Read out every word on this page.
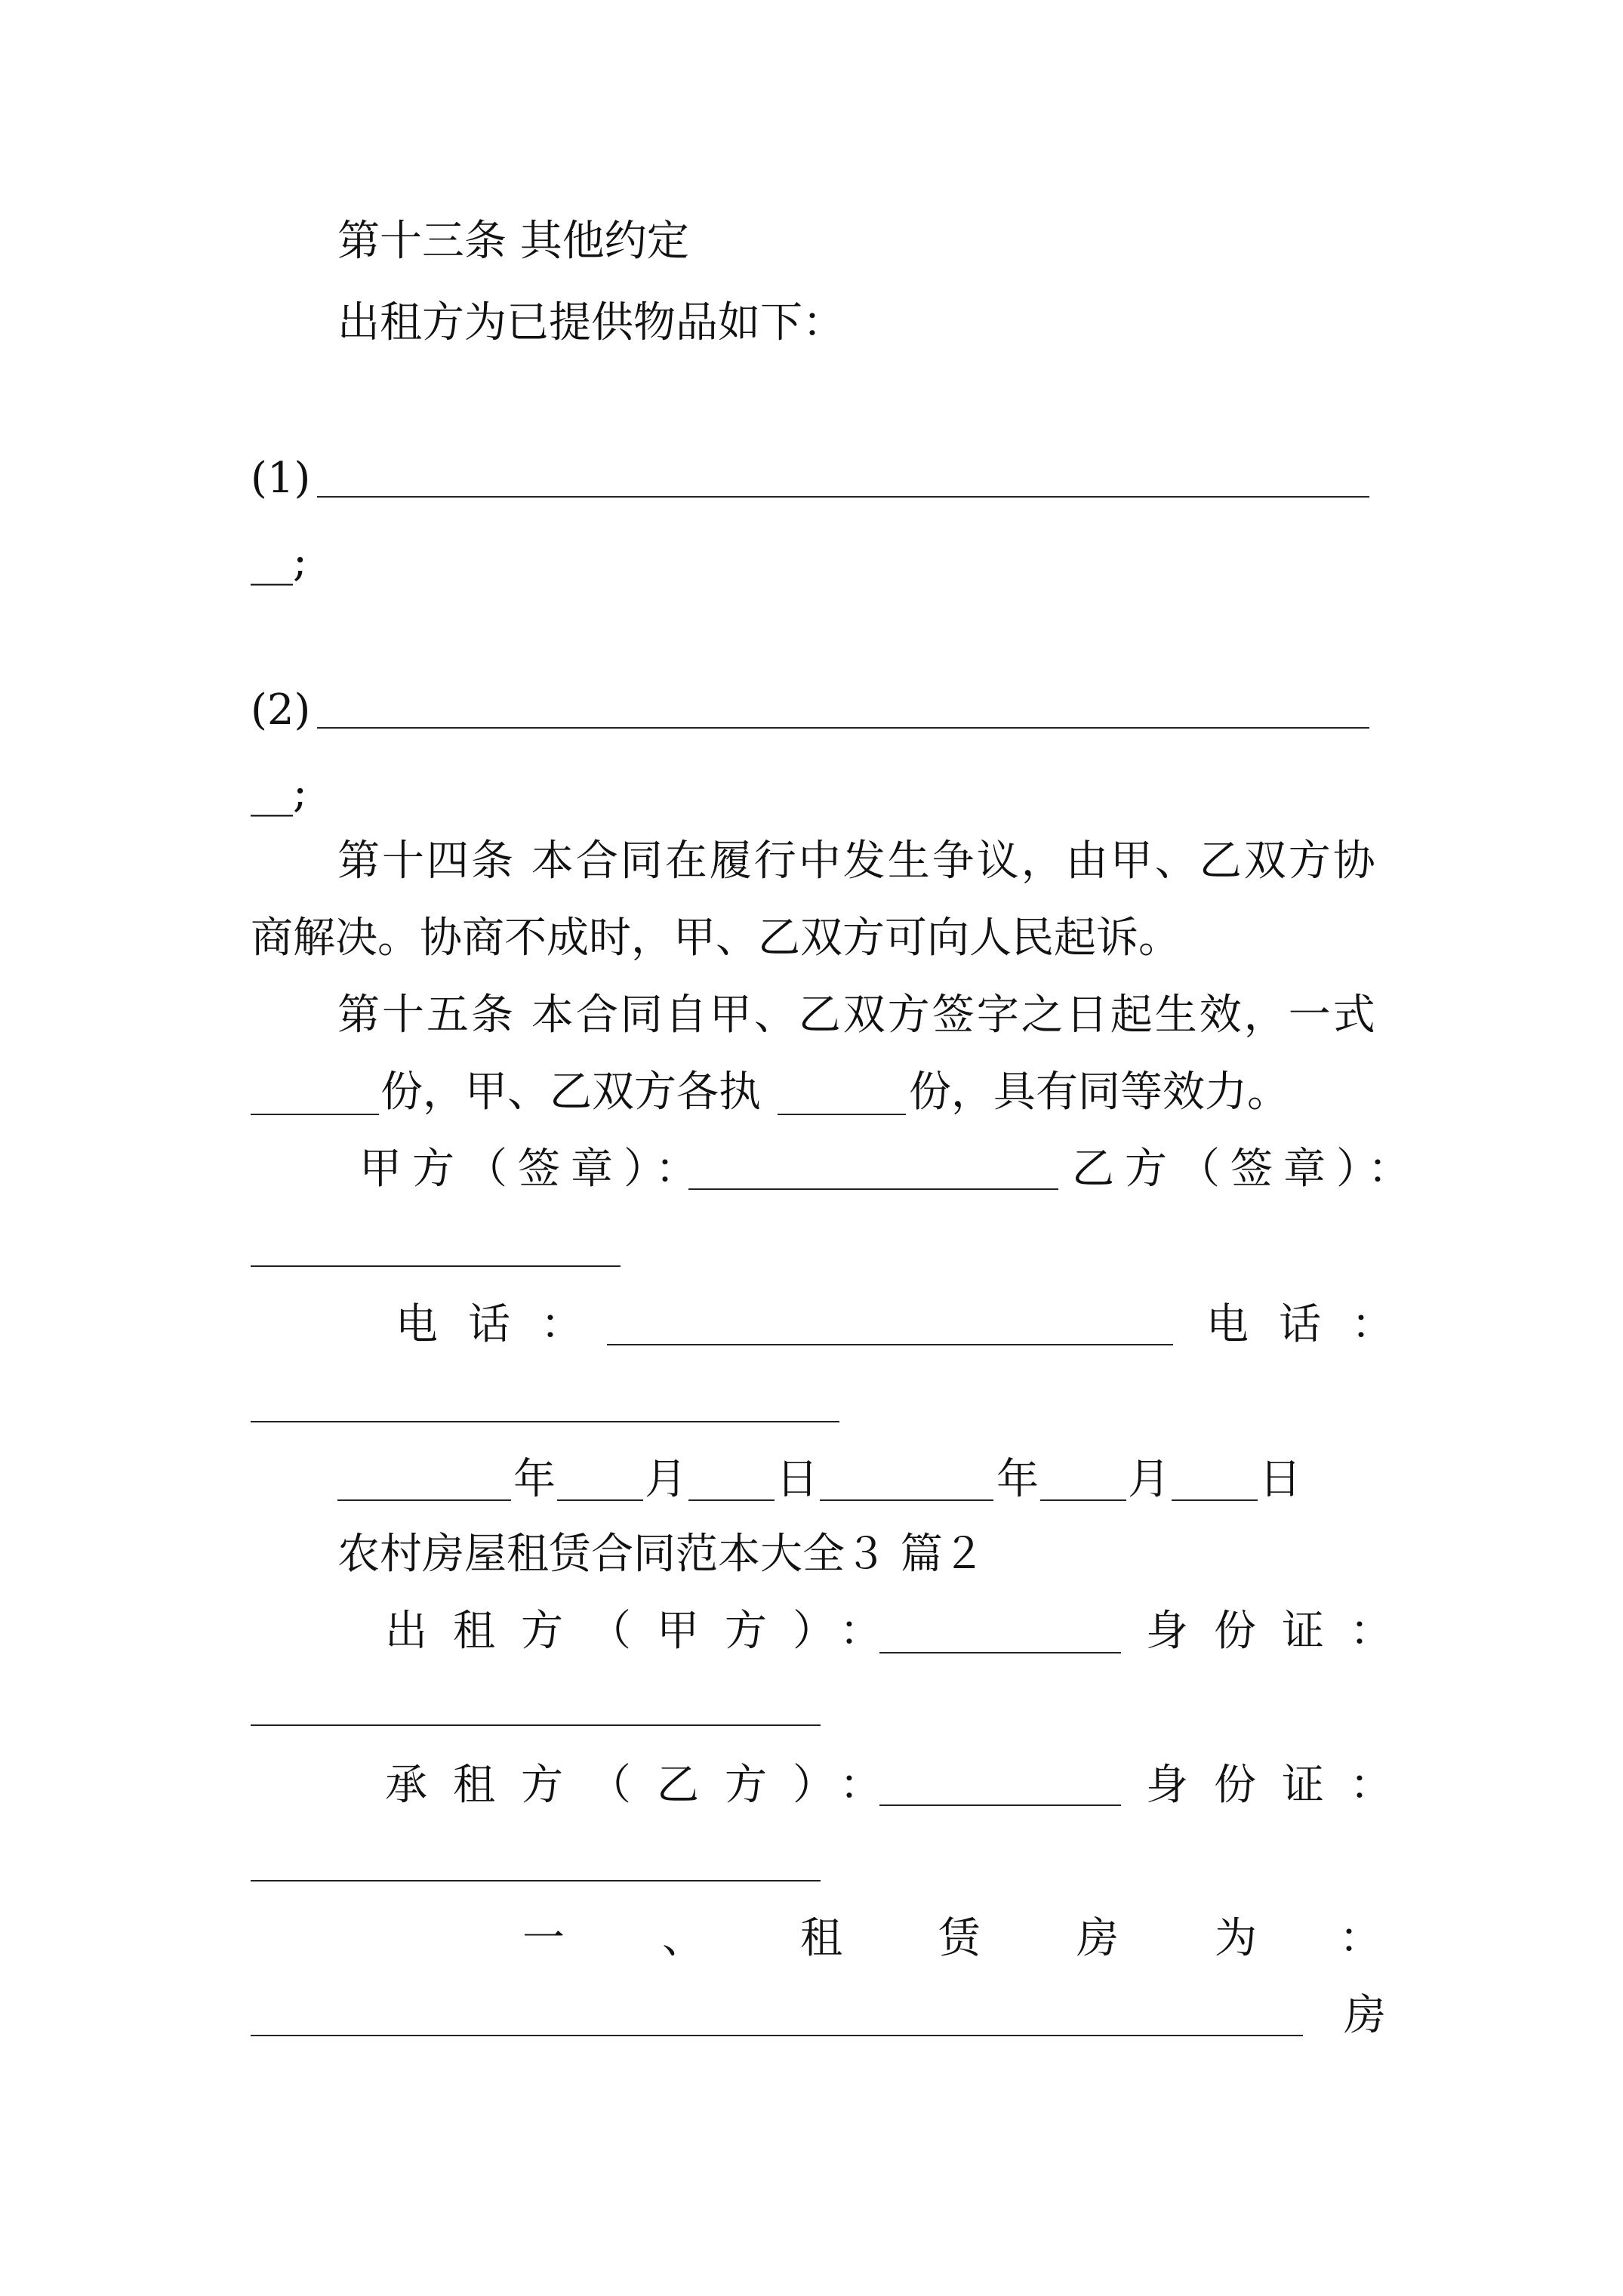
第十三条 其他约定
出租方为已提供物品如下：
(1)
__;
(2)
__;
第十四条 本合同在履行中发生争议，由甲、乙双方协
商解决。协商不成时，甲、乙双方可向人民起诉。
第十五条 本合同自甲、乙双方签字之日起生效，一式
份，甲、乙双方各执	份，具有同等效力。
甲方（签章）：	乙方（签章）：
电话：	电话：
年 月 日	年 月 日
农村房屋租赁合同范本大全３ 篇２
出租方（甲方）：	身份证：
承租方（乙方）：	身份证：
一 、 租 赁 房 为 ：
房
